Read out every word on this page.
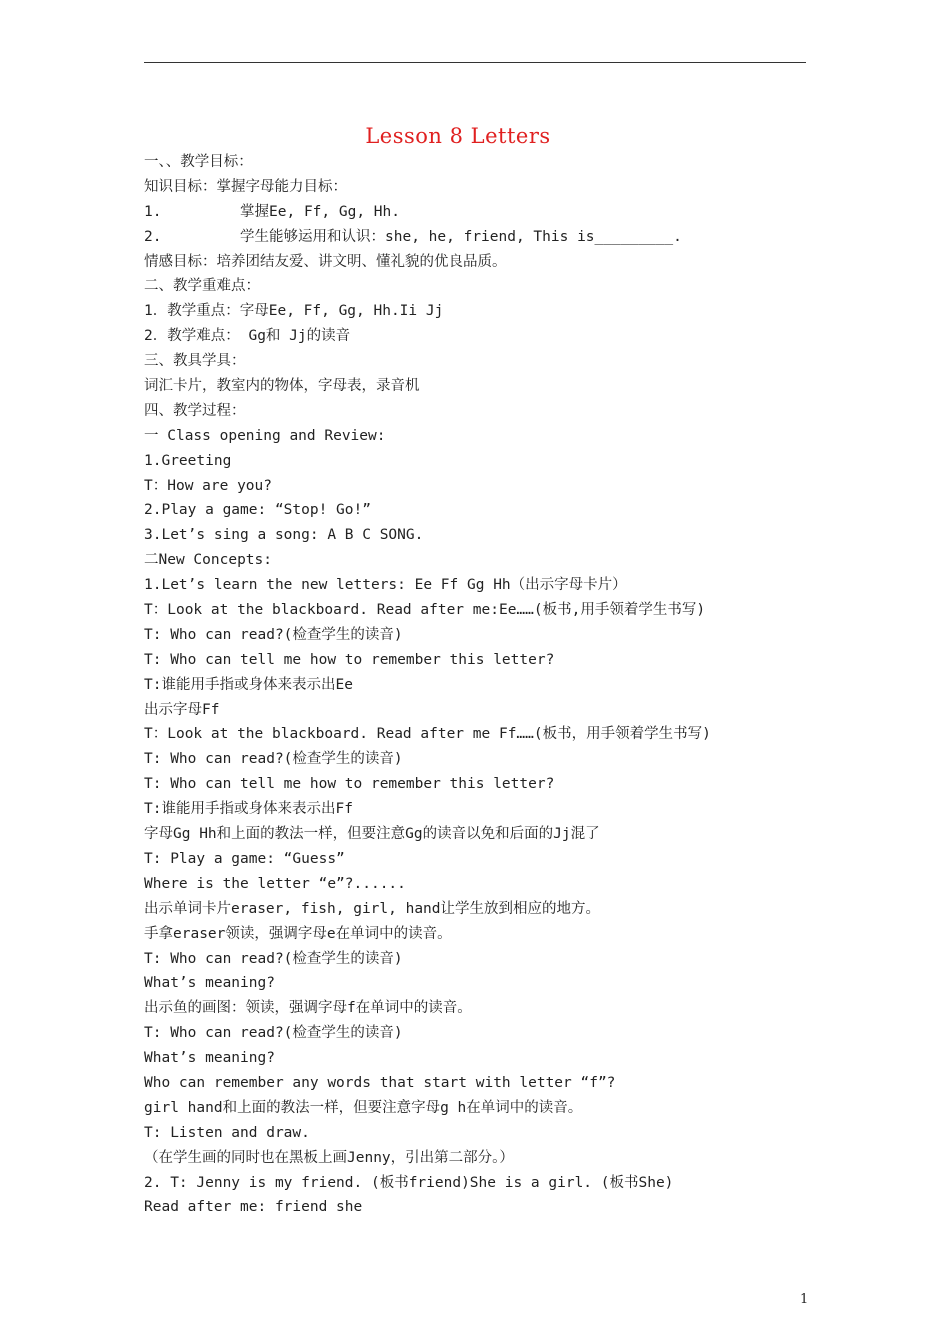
Lesson 8 Letters
一、、教学目标：
知识目标：掌握字母能力目标：
1.         掌握Ee, Ff, Gg, Hh.
2.         学生能够运用和认识：she, he, friend, This is_________.
情感目标：培养团结友爱、讲文明、懂礼貌的优良品质。
二、教学重难点：
1．教学重点：字母Ee, Ff, Gg, Hh.Ii Jj
2．教学难点： Gg和 Jj的读音
三、教具学具：
词汇卡片，教室内的物体，字母表，录音机
四、教学过程：
一 Class opening and Review:
1.Greeting
T：How are you?
2.Play a game: “Stop! Go!”
3.Let’s sing a song: A B C SONG.
二New Concepts:
1.Let’s learn the new letters: Ee Ff Gg Hh（出示字母卡片）
T：Look at the blackboard. Read after me:Ee……(板书,用手领着学生书写)
T: Who can read?(检查学生的读音)
T: Who can tell me how to remember this letter?
T:谁能用手指或身体来表示出Ee
出示字母Ff
T：Look at the blackboard. Read after me Ff……(板书，用手领着学生书写)
T: Who can read?(检查学生的读音)
T: Who can tell me how to remember this letter?
T:谁能用手指或身体来表示出Ff
字母Gg Hh和上面的教法一样，但要注意Gg的读音以免和后面的Jj混了
T: Play a game: “Guess”
Where is the letter “e”?......
出示单词卡片eraser, fish, girl, hand让学生放到相应的地方。
手拿eraser领读，强调字母e在单词中的读音。
T: Who can read?(检查学生的读音)
What’s meaning?
出示鱼的画图：领读，强调字母f在单词中的读音。
T: Who can read?(检查学生的读音)
What’s meaning?
Who can remember any words that start with letter “f”?
girl hand和上面的教法一样，但要注意字母g h在单词中的读音。
T: Listen and draw.
（在学生画的同时也在黑板上画Jenny，引出第二部分。）
2. T: Jenny is my friend. (板书friend)She is a girl. (板书She)
Read after me: friend she
1
